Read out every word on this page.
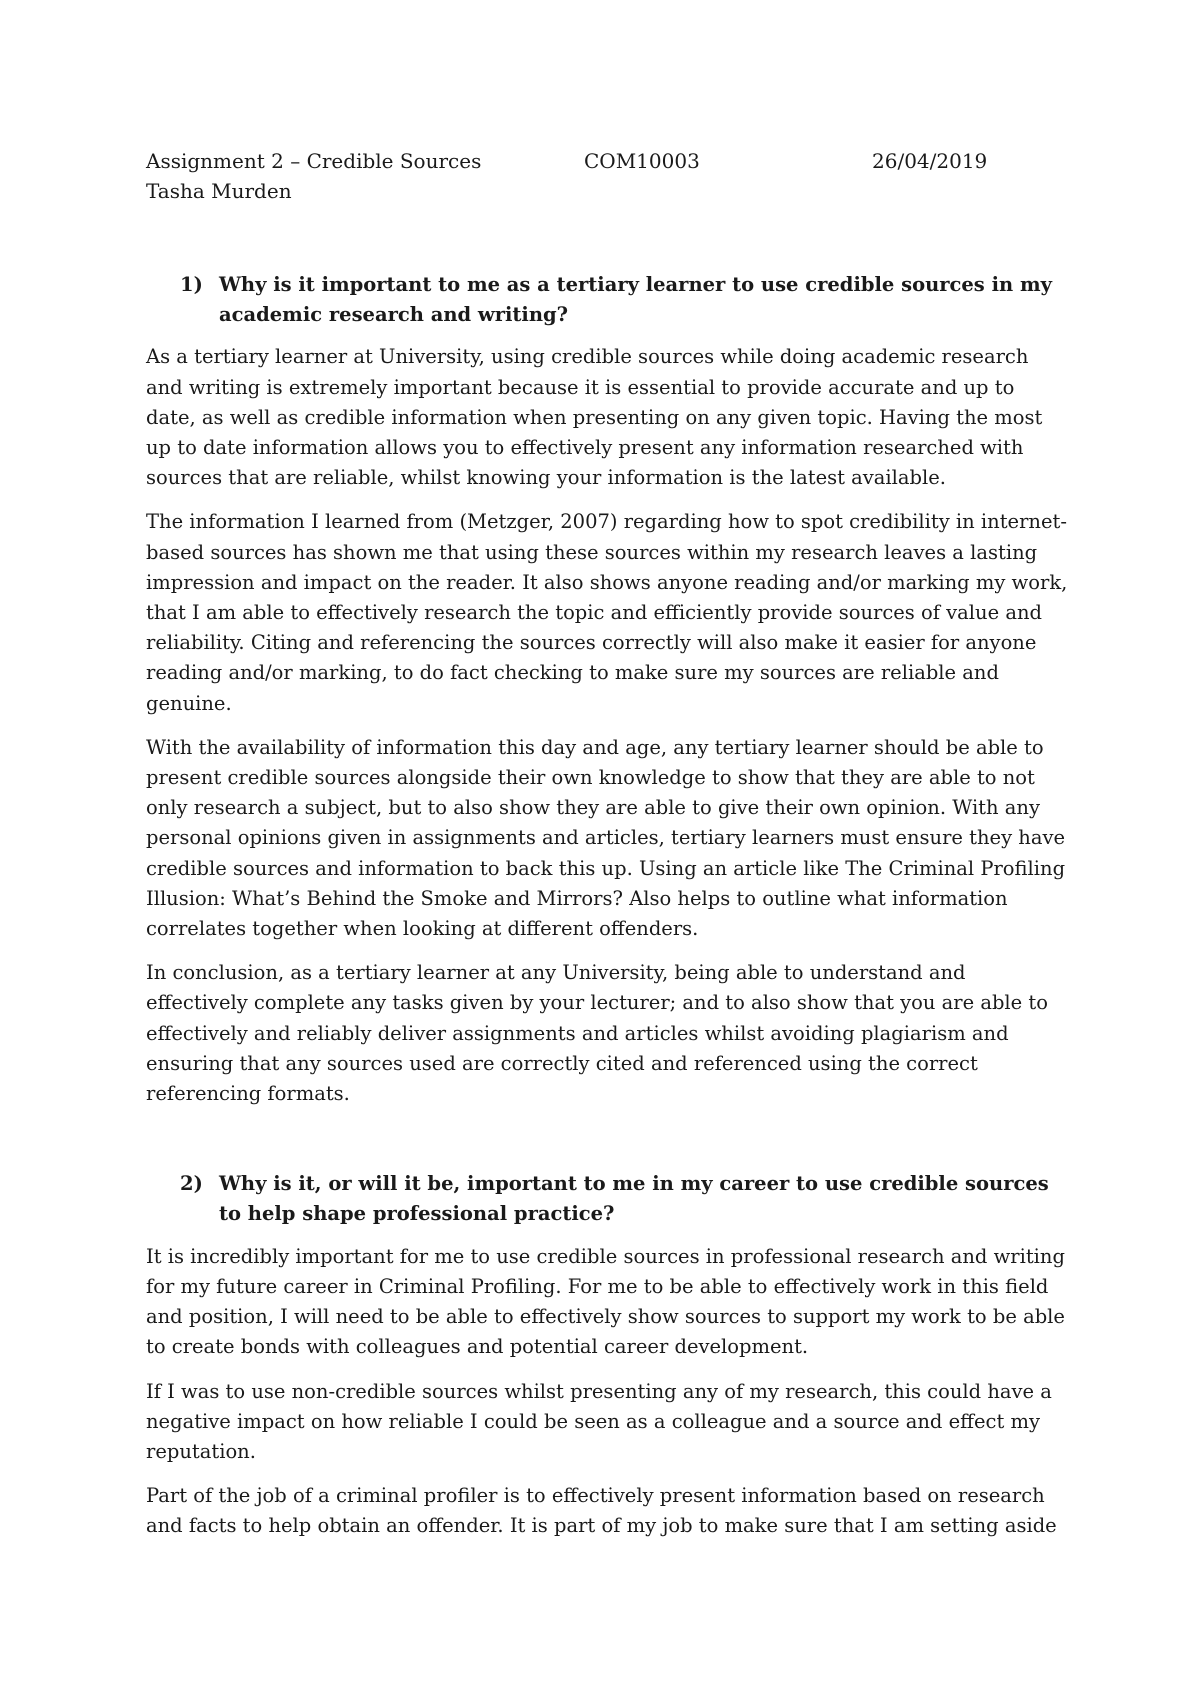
Assignment 2 – Credible Sources	COM10003	26/04/2019
Tasha Murden
1) Why is it important to me as a tertiary learner to use credible sources in my academic research and writing?

As a tertiary learner at University, using credible sources while doing academic research and writing is extremely important because it is essential to provide accurate and up to date, as well as credible information when presenting on any given topic. Having the most up to date information allows you to effectively present any information researched with sources that are reliable, whilst knowing your information is the latest available.

The information I learned from (Metzger, 2007) regarding how to spot credibility in internet-based sources has shown me that using these sources within my research leaves a lasting impression and impact on the reader. It also shows anyone reading and/or marking my work, that I am able to effectively research the topic and efficiently provide sources of value and reliability. Citing and referencing the sources correctly will also make it easier for anyone reading and/or marking, to do fact checking to make sure my sources are reliable and genuine.

With the availability of information this day and age, any tertiary learner should be able to present credible sources alongside their own knowledge to show that they are able to not only research a subject, but to also show they are able to give their own opinion. With any personal opinions given in assignments and articles, tertiary learners must ensure they have credible sources and information to back this up. Using an article like The Criminal Profiling Illusion: What’s Behind the Smoke and Mirrors? Also helps to outline what information correlates together when looking at different offenders.

In conclusion, as a tertiary learner at any University, being able to understand and effectively complete any tasks given by your lecturer; and to also show that you are able to effectively and reliably deliver assignments and articles whilst avoiding plagiarism and ensuring that any sources used are correctly cited and referenced using the correct referencing formats.

2) Why is it, or will it be, important to me in my career to use credible sources to help shape professional practice?

It is incredibly important for me to use credible sources in professional research and writing for my future career in Criminal Profiling. For me to be able to effectively work in this field and position, I will need to be able to effectively show sources to support my work to be able to create bonds with colleagues and potential career development.

If I was to use non-credible sources whilst presenting any of my research, this could have a negative impact on how reliable I could be seen as a colleague and a source and effect my reputation.

Part of the job of a criminal profiler is to effectively present information based on research and facts to help obtain an offender. It is part of my job to make sure that I am setting aside
